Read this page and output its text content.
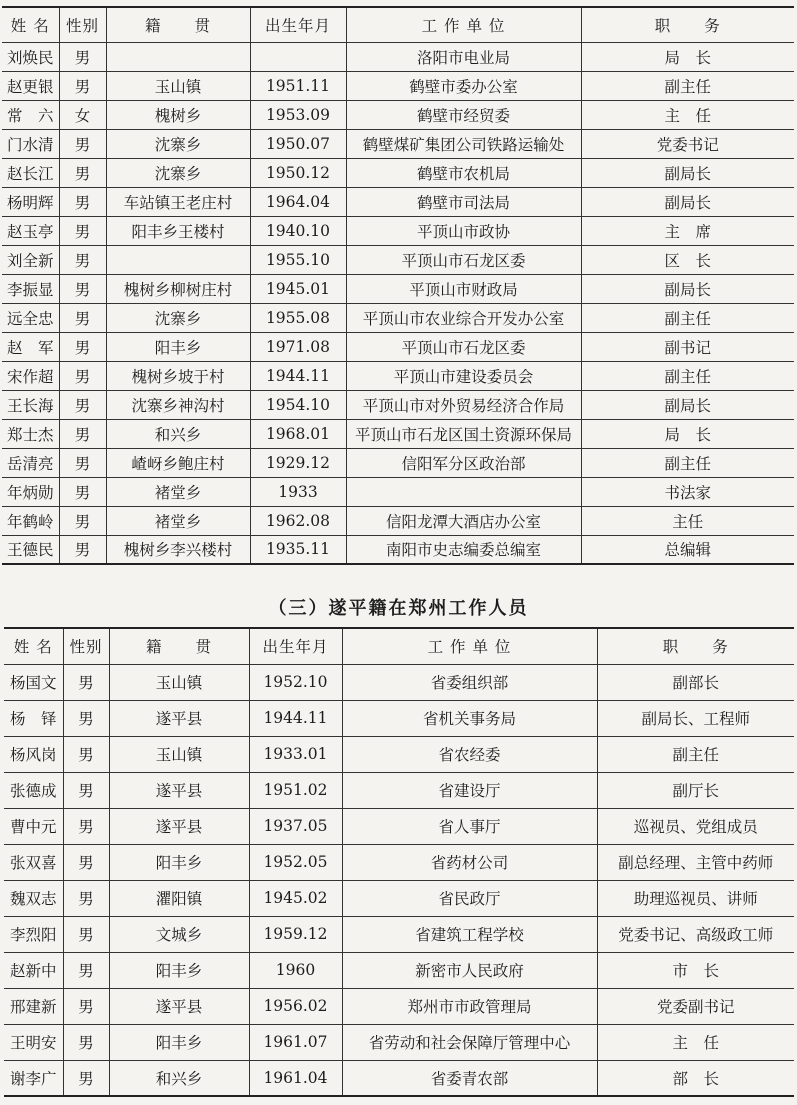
姓 名	性别	籍　　贯	出生年月	工 作 单 位	职　　务
刘焕民	男			洛阳市电业局	局　长
赵更银	男	玉山镇	1951.11	鹤壁市委办公室	副主任
常　六	女	槐树乡	1953.09	鹤壁市经贸委	主　任
门水清	男	沈寨乡	1950.07	鹤壁煤矿集团公司铁路运输处	党委书记
赵长江	男	沈寨乡	1950.12	鹤壁市农机局	副局长
杨明辉	男	车站镇王老庄村	1964.04	鹤壁市司法局	副局长
赵玉亭	男	阳丰乡王楼村	1940.10	平顶山市政协	主　席
刘全新	男		1955.10	平顶山市石龙区委	区　长
李振显	男	槐树乡柳树庄村	1945.01	平顶山市财政局	副局长
远全忠	男	沈寨乡	1955.08	平顶山市农业综合开发办公室	副主任
赵　军	男	阳丰乡	1971.08	平顶山市石龙区委	副书记
宋作超	男	槐树乡坡于村	1944.11	平顶山市建设委员会	副主任
王长海	男	沈寨乡神沟村	1954.10	平顶山市对外贸易经济合作局	副局长
郑士杰	男	和兴乡	1968.01	平顶山市石龙区国土资源环保局	局　长
岳清亮	男	嵖岈乡鲍庄村	1929.12	信阳军分区政治部	副主任
年炳勋	男	褚堂乡	1933		书法家
年鹤岭	男	褚堂乡	1962.08	信阳龙潭大酒店办公室	主任
王德民	男	槐树乡李兴楼村	1935.11	南阳市史志编委总编室	总编辑
（三）遂平籍在郑州工作人员
姓 名	性别	籍　　贯	出生年月	工 作 单 位	职　　务
杨国文	男	玉山镇	1952.10	省委组织部	副部长
杨　铎	男	遂平县	1944.11	省机关事务局	副局长、工程师
杨风岗	男	玉山镇	1933.01	省农经委	副主任
张德成	男	遂平县	1951.02	省建设厅	副厅长
曹中元	男	遂平县	1937.05	省人事厅	巡视员、党组成员
张双喜	男	阳丰乡	1952.05	省药材公司	副总经理、主管中药师
魏双志	男	灈阳镇	1945.02	省民政厅	助理巡视员、讲师
李烈阳	男	文城乡	1959.12	省建筑工程学校	党委书记、高级政工师
赵新中	男	阳丰乡	1960	新密市人民政府	市　长
邢建新	男	遂平县	1956.02	郑州市市政管理局	党委副书记
王明安	男	阳丰乡	1961.07	省劳动和社会保障厅管理中心	主　任
谢李广	男	和兴乡	1961.04	省委青农部	部　长
